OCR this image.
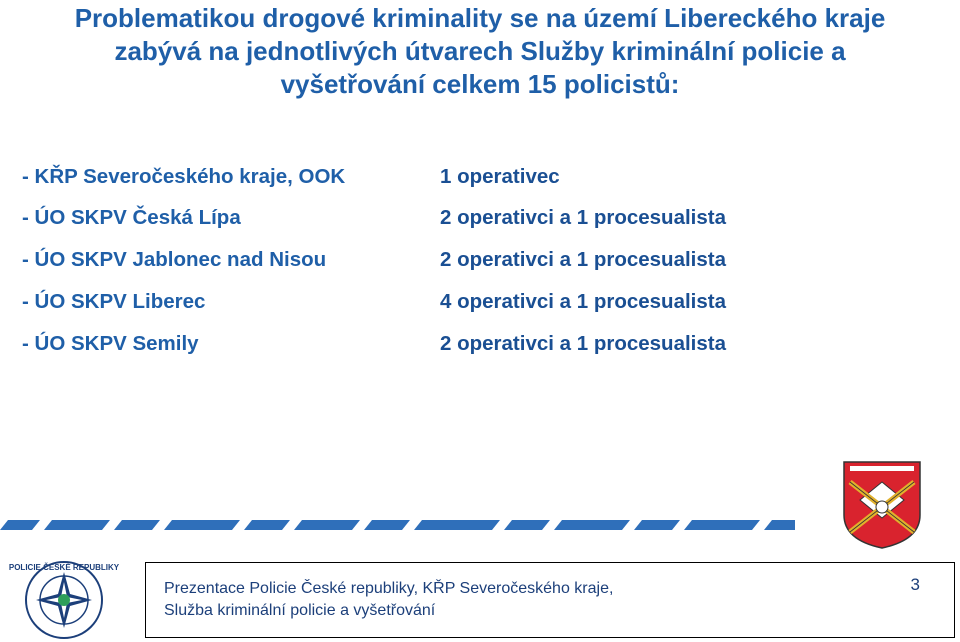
Problematikou drogové kriminality se na území Libereckého kraje
zabývá na jednotlivých útvarech Služby kriminální policie a
vyšetřování celkem 15 policistů:
- KŘP Severočeského kraje, OOK	1 operativec
- ÚO SKPV Česká Lípa	2 operativci a 1 procesualista
- ÚO SKPV Jablonec nad Nisou	2 operativci a 1 procesualista
- ÚO SKPV Liberec	4 operativci a 1 procesualista
- ÚO SKPV Semily	2 operativci a 1 procesualista
POLICIE ČESKÉ REPUBLIKY
Prezentace Policie České republiky, KŘP Severočeského kraje,
Služba kriminální policie a vyšetřování
3
